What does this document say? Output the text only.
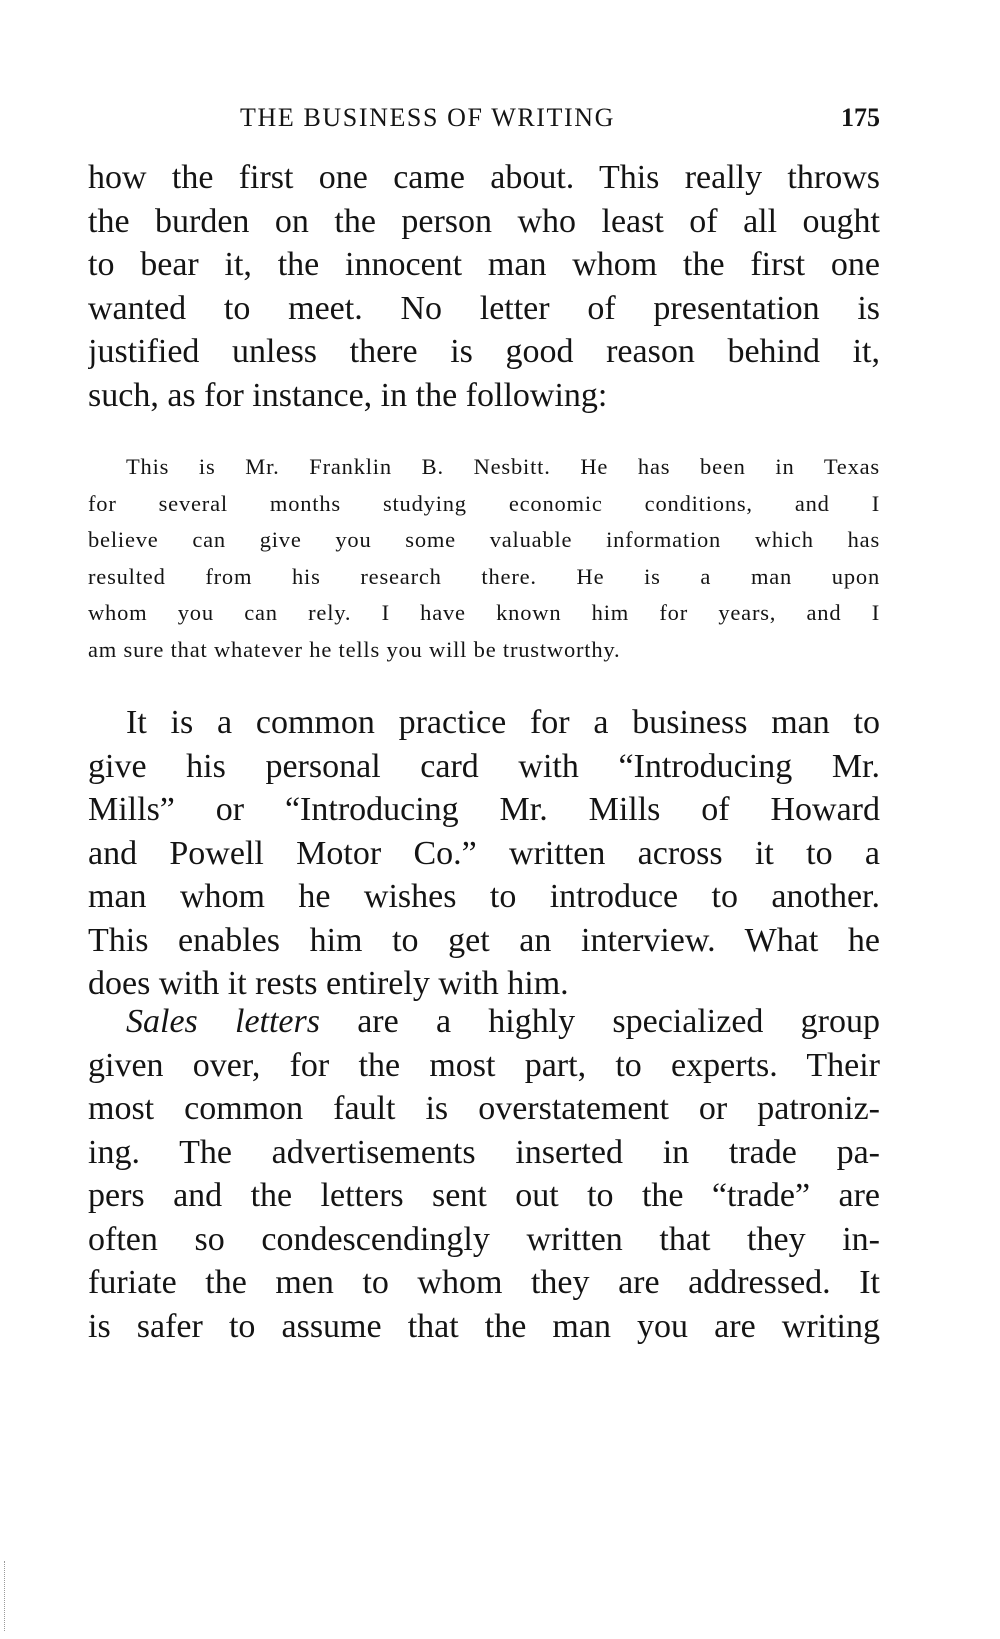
THE BUSINESS OF WRITING	175
how the first one came about. This really throws
the burden on the person who least of all ought
to bear it, the innocent man whom the first one
wanted to meet. No letter of presentation is
justified unless there is good reason behind it,
such, as for instance, in the following:
This is Mr. Franklin B. Nesbitt. He has been in Texas
for several months studying economic conditions, and I
believe can give you some valuable information which has
resulted from his research there. He is a man upon
whom you can rely. I have known him for years, and I
am sure that whatever he tells you will be trustworthy.
It is a common practice for a business man to
give his personal card with “Introducing Mr.
Mills” or “Introducing Mr. Mills of Howard
and Powell Motor Co.” written across it to a
man whom he wishes to introduce to another.
This enables him to get an interview. What he
does with it rests entirely with him.
Sales letters are a highly specialized group
given over, for the most part, to experts. Their
most common fault is overstatement or patroniz-
ing. The advertisements inserted in trade pa-
pers and the letters sent out to the “trade” are
often so condescendingly written that they in-
furiate the men to whom they are addressed. It
is safer to assume that the man you are writing
